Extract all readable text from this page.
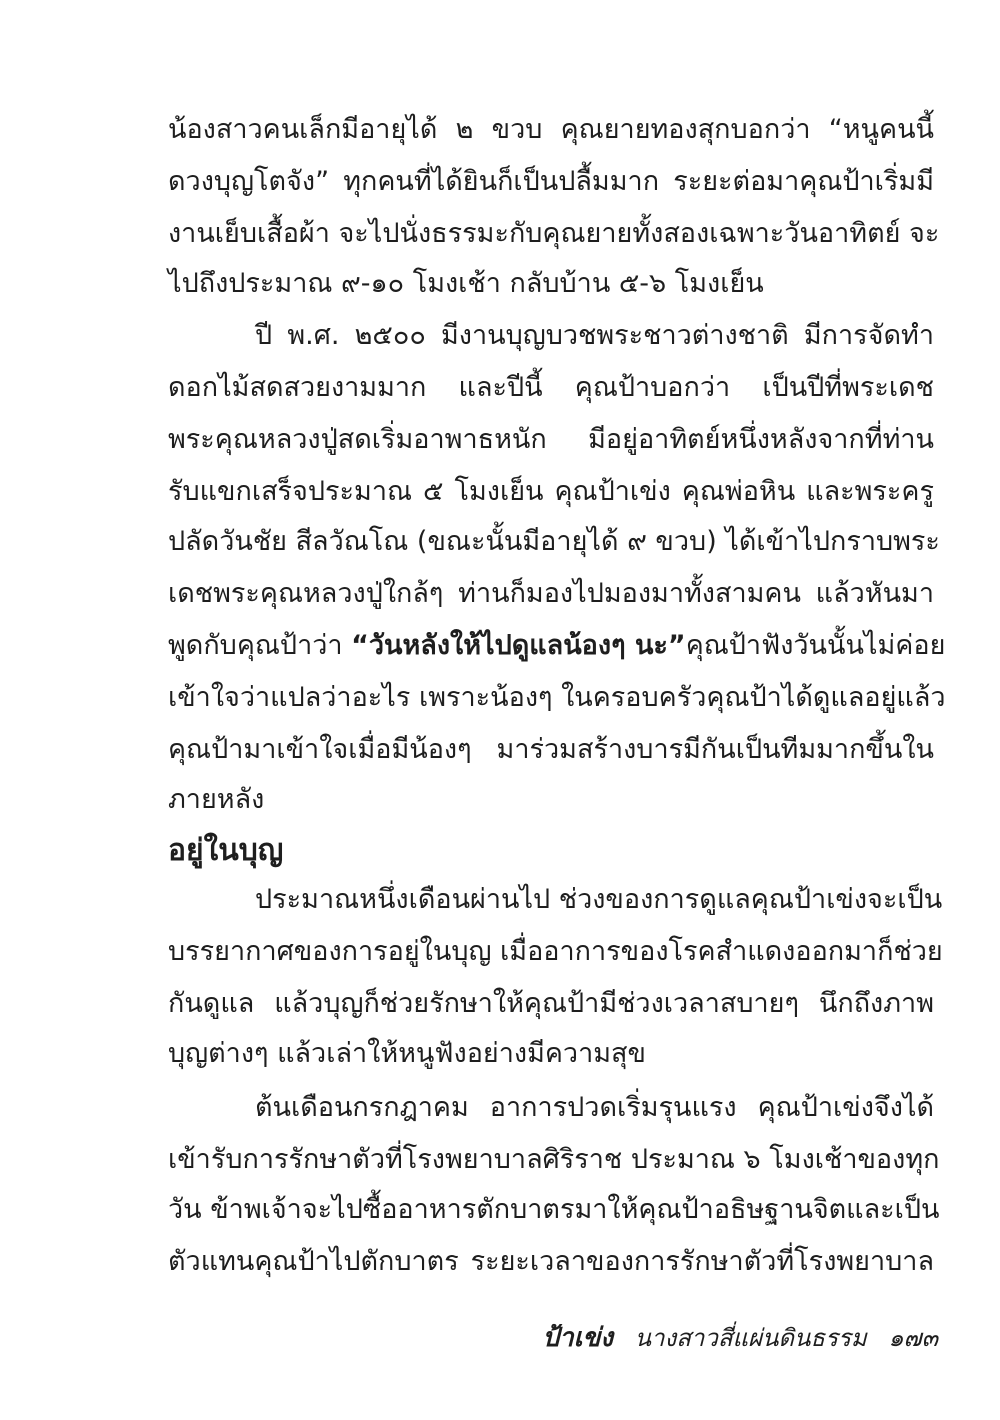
น้องสาวคนเล็กมีอายุได้ ๒ ขวบ คุณยายทองสุกบอกว่า “หนูคนนี้
ดวงบุญโตจัง” ทุกคนที่ได้ยินก็เป็นปลื้มมาก ระยะต่อมาคุณป้าเริ่มมี
งานเย็บเสื้อผ้า จะไปนั่งธรรมะกับคุณยายทั้งสองเฉพาะวันอาทิตย์ จะ
ไปถึงประมาณ ๙-๑๐ โมงเช้า กลับบ้าน ๕-๖ โมงเย็น
ปี พ.ศ. ๒๕๐๐ มีงานบุญบวชพระชาวต่างชาติ มีการจัดทำ
ดอกไม้สดสวยงามมาก และปีนี้ คุณป้าบอกว่า เป็นปีที่พระเดช
พระคุณหลวงปู่สดเริ่มอาพาธหนัก มีอยู่อาทิตย์หนึ่งหลังจากที่ท่าน
รับแขกเสร็จประมาณ ๕ โมงเย็น คุณป้าเข่ง คุณพ่อหิน และพระครู
ปลัดวันชัย สีลวัณโณ (ขณะนั้นมีอายุได้ ๙ ขวบ) ได้เข้าไปกราบพระ
เดชพระคุณหลวงปู่ใกล้ๆ ท่านก็มองไปมองมาทั้งสามคน แล้วหันมา
พูดกับคุณป้าว่า “วันหลังให้ไปดูแลน้องๆ นะ”คุณป้าฟังวันนั้นไม่ค่อย
เข้าใจว่าแปลว่าอะไร เพราะน้องๆ ในครอบครัวคุณป้าได้ดูแลอยู่แล้ว
คุณป้ามาเข้าใจเมื่อมีน้องๆ มาร่วมสร้างบารมีกันเป็นทีมมากขึ้นใน
ภายหลัง
อยู่ในบุญ
ประมาณหนึ่งเดือนผ่านไป ช่วงของการดูแลคุณป้าเข่งจะเป็น
บรรยากาศของการอยู่ในบุญ เมื่ออาการของโรคสำแดงออกมาก็ช่วย
กันดูแล แล้วบุญก็ช่วยรักษาให้คุณป้ามีช่วงเวลาสบายๆ นึกถึงภาพ
บุญต่างๆ แล้วเล่าให้หนูฟังอย่างมีความสุข
ต้นเดือนกรกฎาคม อาการปวดเริ่มรุนแรง คุณป้าเข่งจึงได้
เข้ารับการรักษาตัวที่โรงพยาบาลศิริราช ประมาณ ๖ โมงเช้าของทุก
วัน ข้าพเจ้าจะไปซื้ออาหารตักบาตรมาให้คุณป้าอธิษฐานจิตและเป็น
ตัวแทนคุณป้าไปตักบาตร ระยะเวลาของการรักษาตัวที่โรงพยาบาล
ป้าเข่ง นางสาวสี่แผ่นดินธรรม ๑๗๓
